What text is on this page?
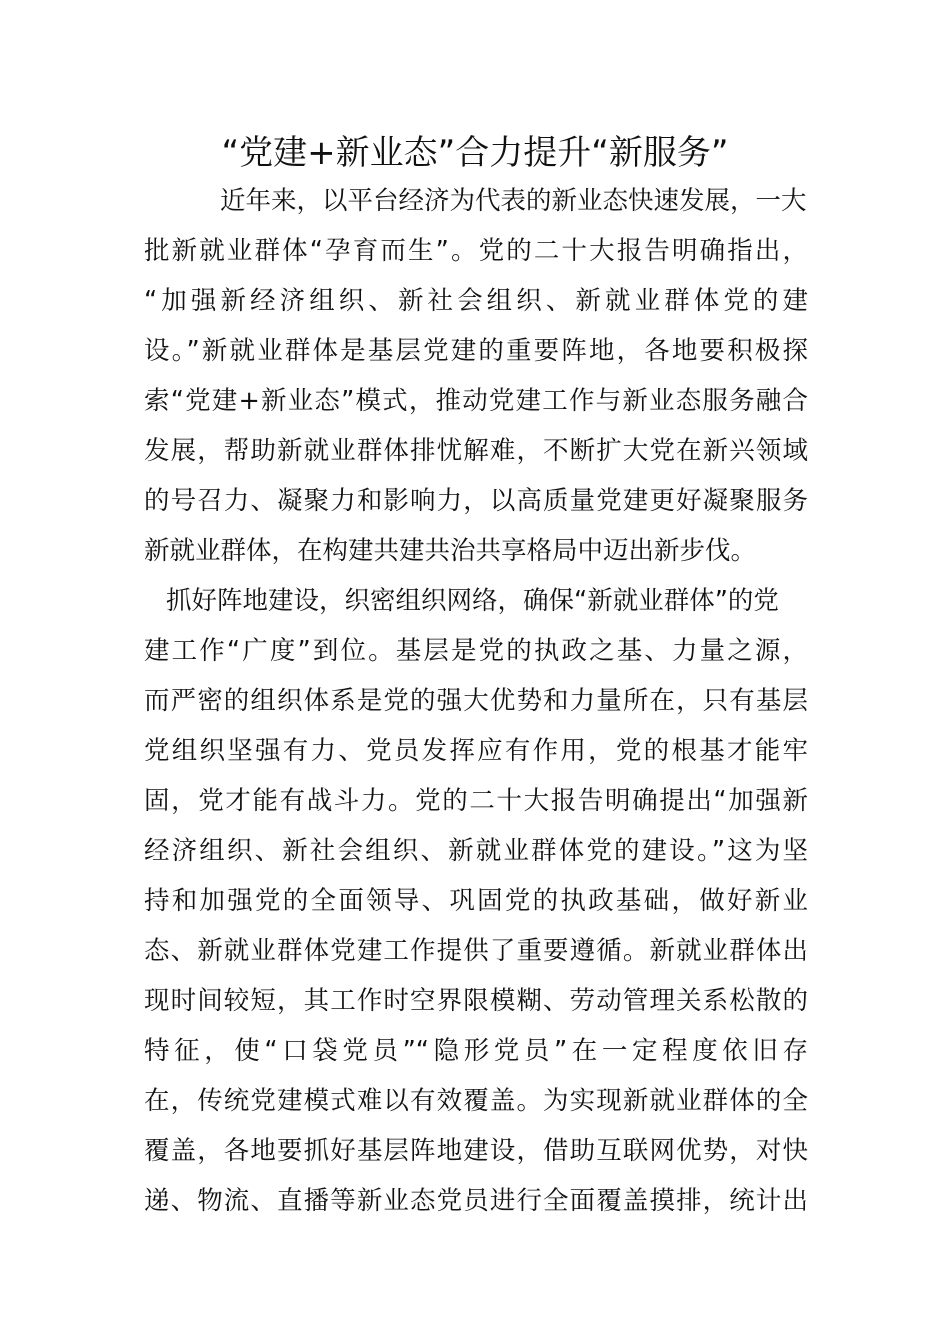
“党建+新业态”合力提升“新服务”
近年来，以平台经济为代表的新业态快速发展，一大
批新就业群体“孕育而生”。党的二十大报告明确指出，
“加强新经济组织、新社会组织、新就业群体党的建
设。”新就业群体是基层党建的重要阵地，各地要积极探
索“党建+新业态”模式，推动党建工作与新业态服务融合
发展，帮助新就业群体排忧解难，不断扩大党在新兴领域
的号召力、凝聚力和影响力，以高质量党建更好凝聚服务
新就业群体，在构建共建共治共享格局中迈出新步伐。
抓好阵地建设，织密组织网络，确保“新就业群体”的党
建工作“广度”到位。基层是党的执政之基、力量之源，
而严密的组织体系是党的强大优势和力量所在，只有基层
党组织坚强有力、党员发挥应有作用，党的根基才能牢
固，党才能有战斗力。党的二十大报告明确提出“加强新
经济组织、新社会组织、新就业群体党的建设。”这为坚
持和加强党的全面领导、巩固党的执政基础，做好新业
态、新就业群体党建工作提供了重要遵循。新就业群体出
现时间较短，其工作时空界限模糊、劳动管理关系松散的
特征，使“口袋党员”“隐形党员”在一定程度依旧存
在，传统党建模式难以有效覆盖。为实现新就业群体的全
覆盖，各地要抓好基层阵地建设，借助互联网优势，对快
递、物流、直播等新业态党员进行全面覆盖摸排，统计出
